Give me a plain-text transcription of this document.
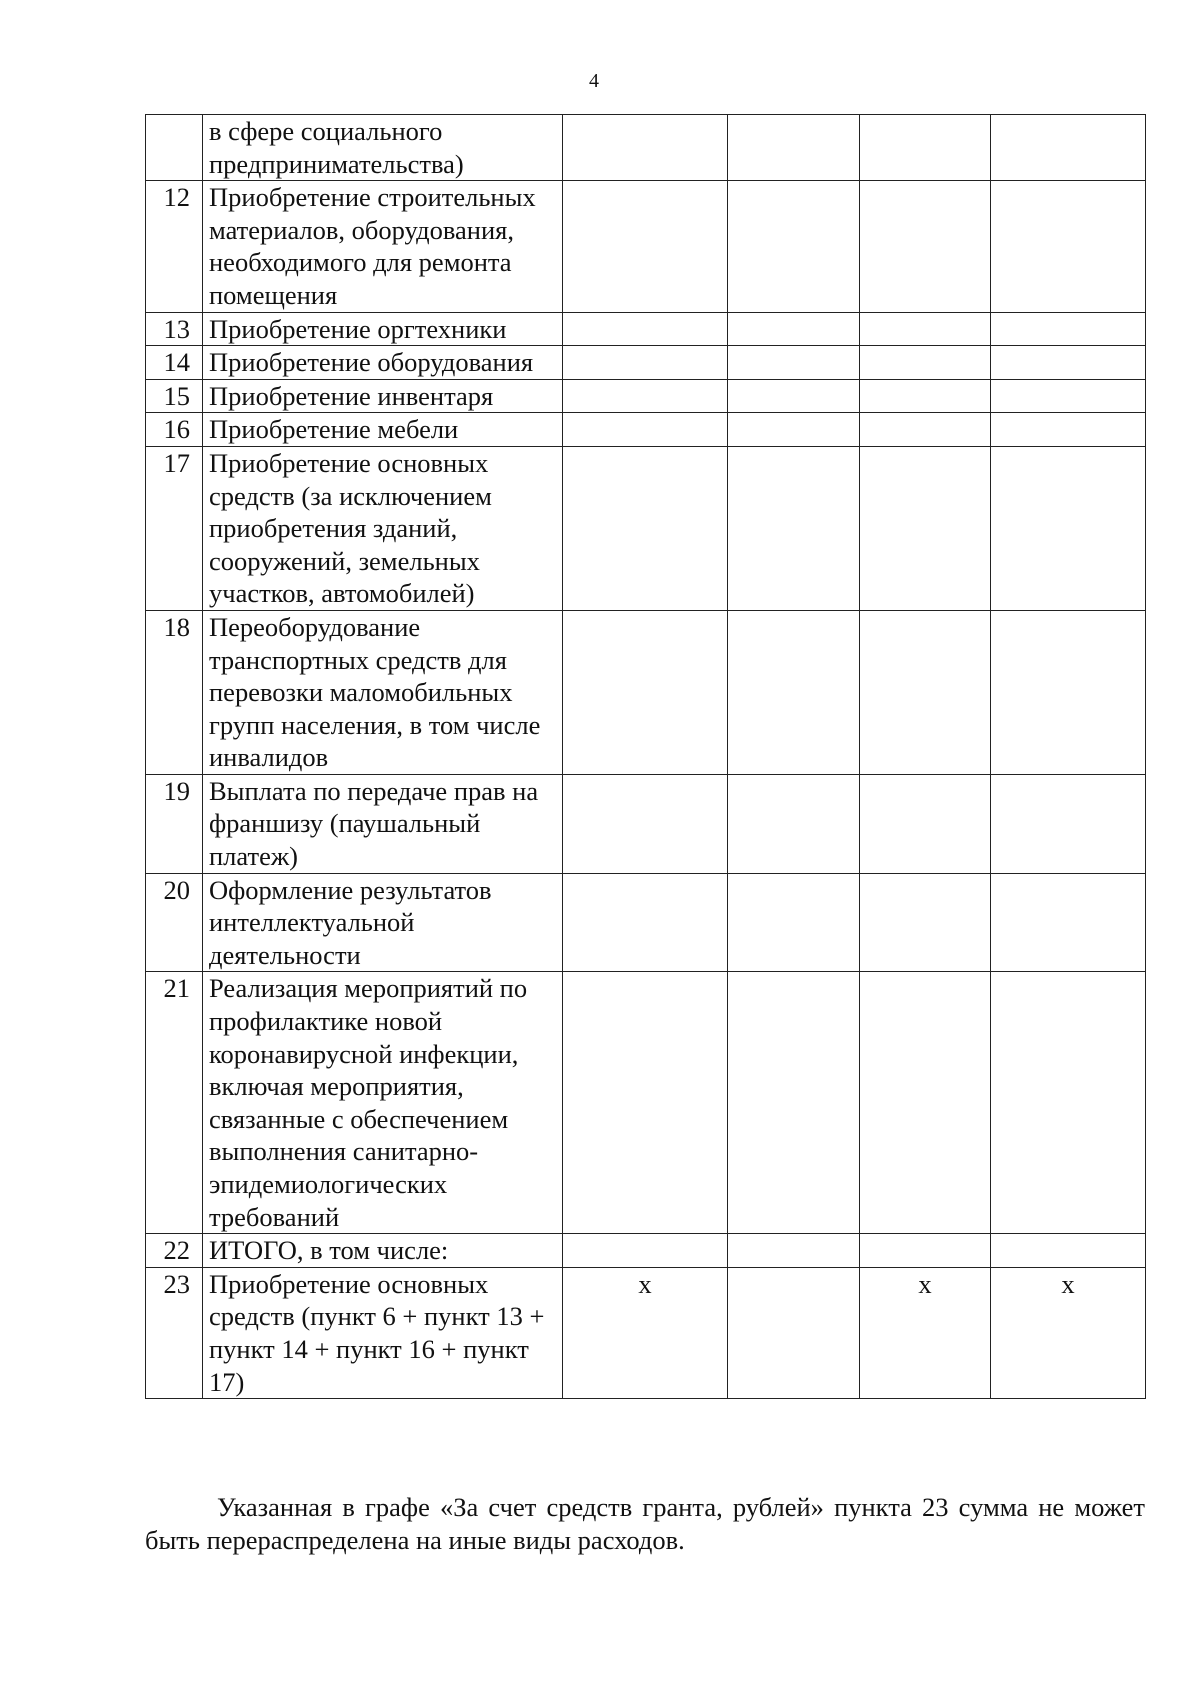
4
	в сфере социального предпринимательства)				
12	Приобретение строительных материалов, оборудования, необходимого для ремонта помещения				
13	Приобретение оргтехники				
14	Приобретение оборудования				
15	Приобретение инвентаря				
16	Приобретение мебели				
17	Приобретение основных средств (за исключением приобретения зданий, сооружений, земельных участков, автомобилей)				
18	Переоборудование транспортных средств для перевозки маломобильных групп населения, в том числе инвалидов				
19	Выплата по передаче прав на франшизу (паушальный платеж)				
20	Оформление результатов интеллектуальной деятельности				
21	Реализация мероприятий по профилактике новой коронавирусной инфекции, включая мероприятия, связанные с обеспечением выполнения санитарно-эпидемиологических требований				
22	ИТОГО, в том числе:				
23	Приобретение основных средств (пункт 6 + пункт 13 + пункт 14 + пункт 16 + пункт 17)	х		х	х

Указанная в графе «За счет средств гранта, рублей» пункта 23 сумма не может быть перераспределена на иные виды расходов.
